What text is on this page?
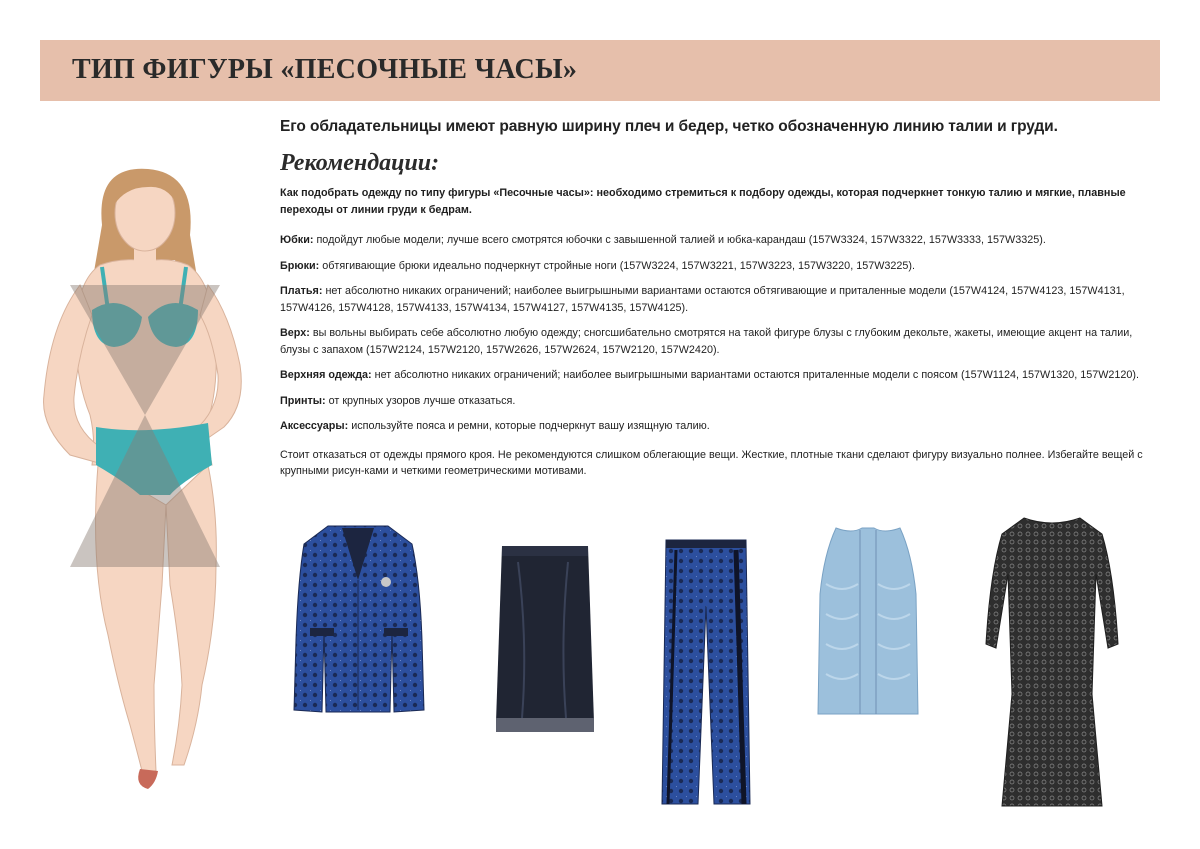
ТИП ФИГУРЫ «ПЕСОЧНЫЕ ЧАСЫ»

Его обладательницы имеют равную ширину плеч и бедер, четко обозначенную линию талии и груди.

Рекомендации:

Как подобрать одежду по типу фигуры «Песочные часы»: необходимо стремиться к подбору одежды, которая подчеркнет тонкую талию и мягкие, плавные переходы от линии груди к бедрам.

Юбки: подойдут любые модели; лучше всего смотрятся юбочки с завышенной талией и юбка-карандаш (157W3324, 157W3322, 157W3333, 157W3325).

Брюки: обтягивающие брюки идеально подчеркнут стройные ноги (157W3224, 157W3221, 157W3223, 157W3220, 157W3225).

Платья: нет абсолютно никаких ограничений; наиболее выигрышными вариантами остаются обтягивающие и приталенные модели (157W4124, 157W4123, 157W4131, 157W4126, 157W4128, 157W4133, 157W4134, 157W4127, 157W4135, 157W4125).

Верх: вы вольны выбирать себе абсолютно любую одежду; сногсшибательно смотрятся на такой фигуре блузы с глубоким декольте, жакеты, имеющие акцент на талии, блузы с запахом (157W2124, 157W2120, 157W2626, 157W2624, 157W2120, 157W2420).

Верхняя одежда: нет абсолютно никаких ограничений; наиболее выигрышными вариантами остаются приталенные модели с поясом (157W1124, 157W1320, 157W2120).

Принты: от крупных узоров лучше отказаться.

Аксессуары: используйте пояса и ремни, которые подчеркнут вашу изящную талию.

Стоит отказаться от одежды прямого кроя. Не рекомендуются слишком облегающие вещи. Жесткие, плотные ткани сделают фигуру визуально полнее. Избегайте вещей с крупными рисун-ками и четкими геометрическими мотивами.
